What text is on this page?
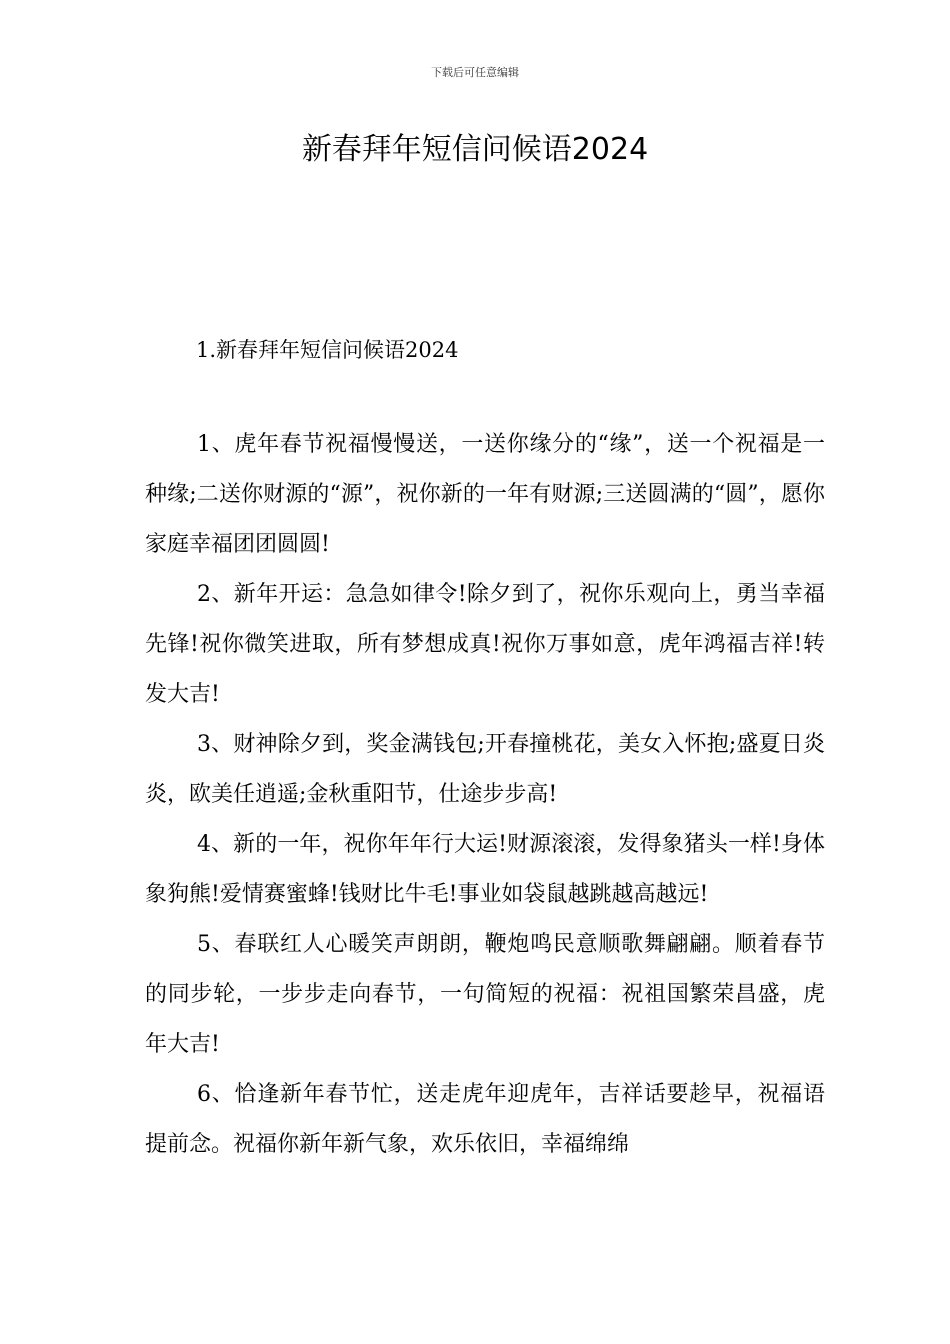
下载后可任意编辑
新春拜年短信问候语2024
1.新春拜年短信问候语2024

1、虎年春节祝福慢慢送，一送你缘分的“缘”，送一个祝福是一种缘;二送你财源的“源”，祝你新的一年有财源;三送圆满的“圆”，愿你家庭幸福团团圆圆!

2、新年开运：急急如律令!除夕到了，祝你乐观向上，勇当幸福先锋!祝你微笑进取，所有梦想成真!祝你万事如意，虎年鸿福吉祥!转发大吉!

3、财神除夕到，奖金满钱包;开春撞桃花，美女入怀抱;盛夏日炎炎，欧美任逍遥;金秋重阳节，仕途步步高!

4、新的一年，祝你年年行大运!财源滚滚，发得象猪头一样!身体象狗熊!爱情赛蜜蜂!钱财比牛毛!事业如袋鼠越跳越高越远!

5、春联红人心暖笑声朗朗，鞭炮鸣民意顺歌舞翩翩。顺着春节的同步轮，一步步走向春节，一句简短的祝福：祝祖国繁荣昌盛，虎年大吉!

6、恰逢新年春节忙，送走虎年迎虎年，吉祥话要趁早，祝福语提前念。祝福你新年新气象，欢乐依旧，幸福绵绵
